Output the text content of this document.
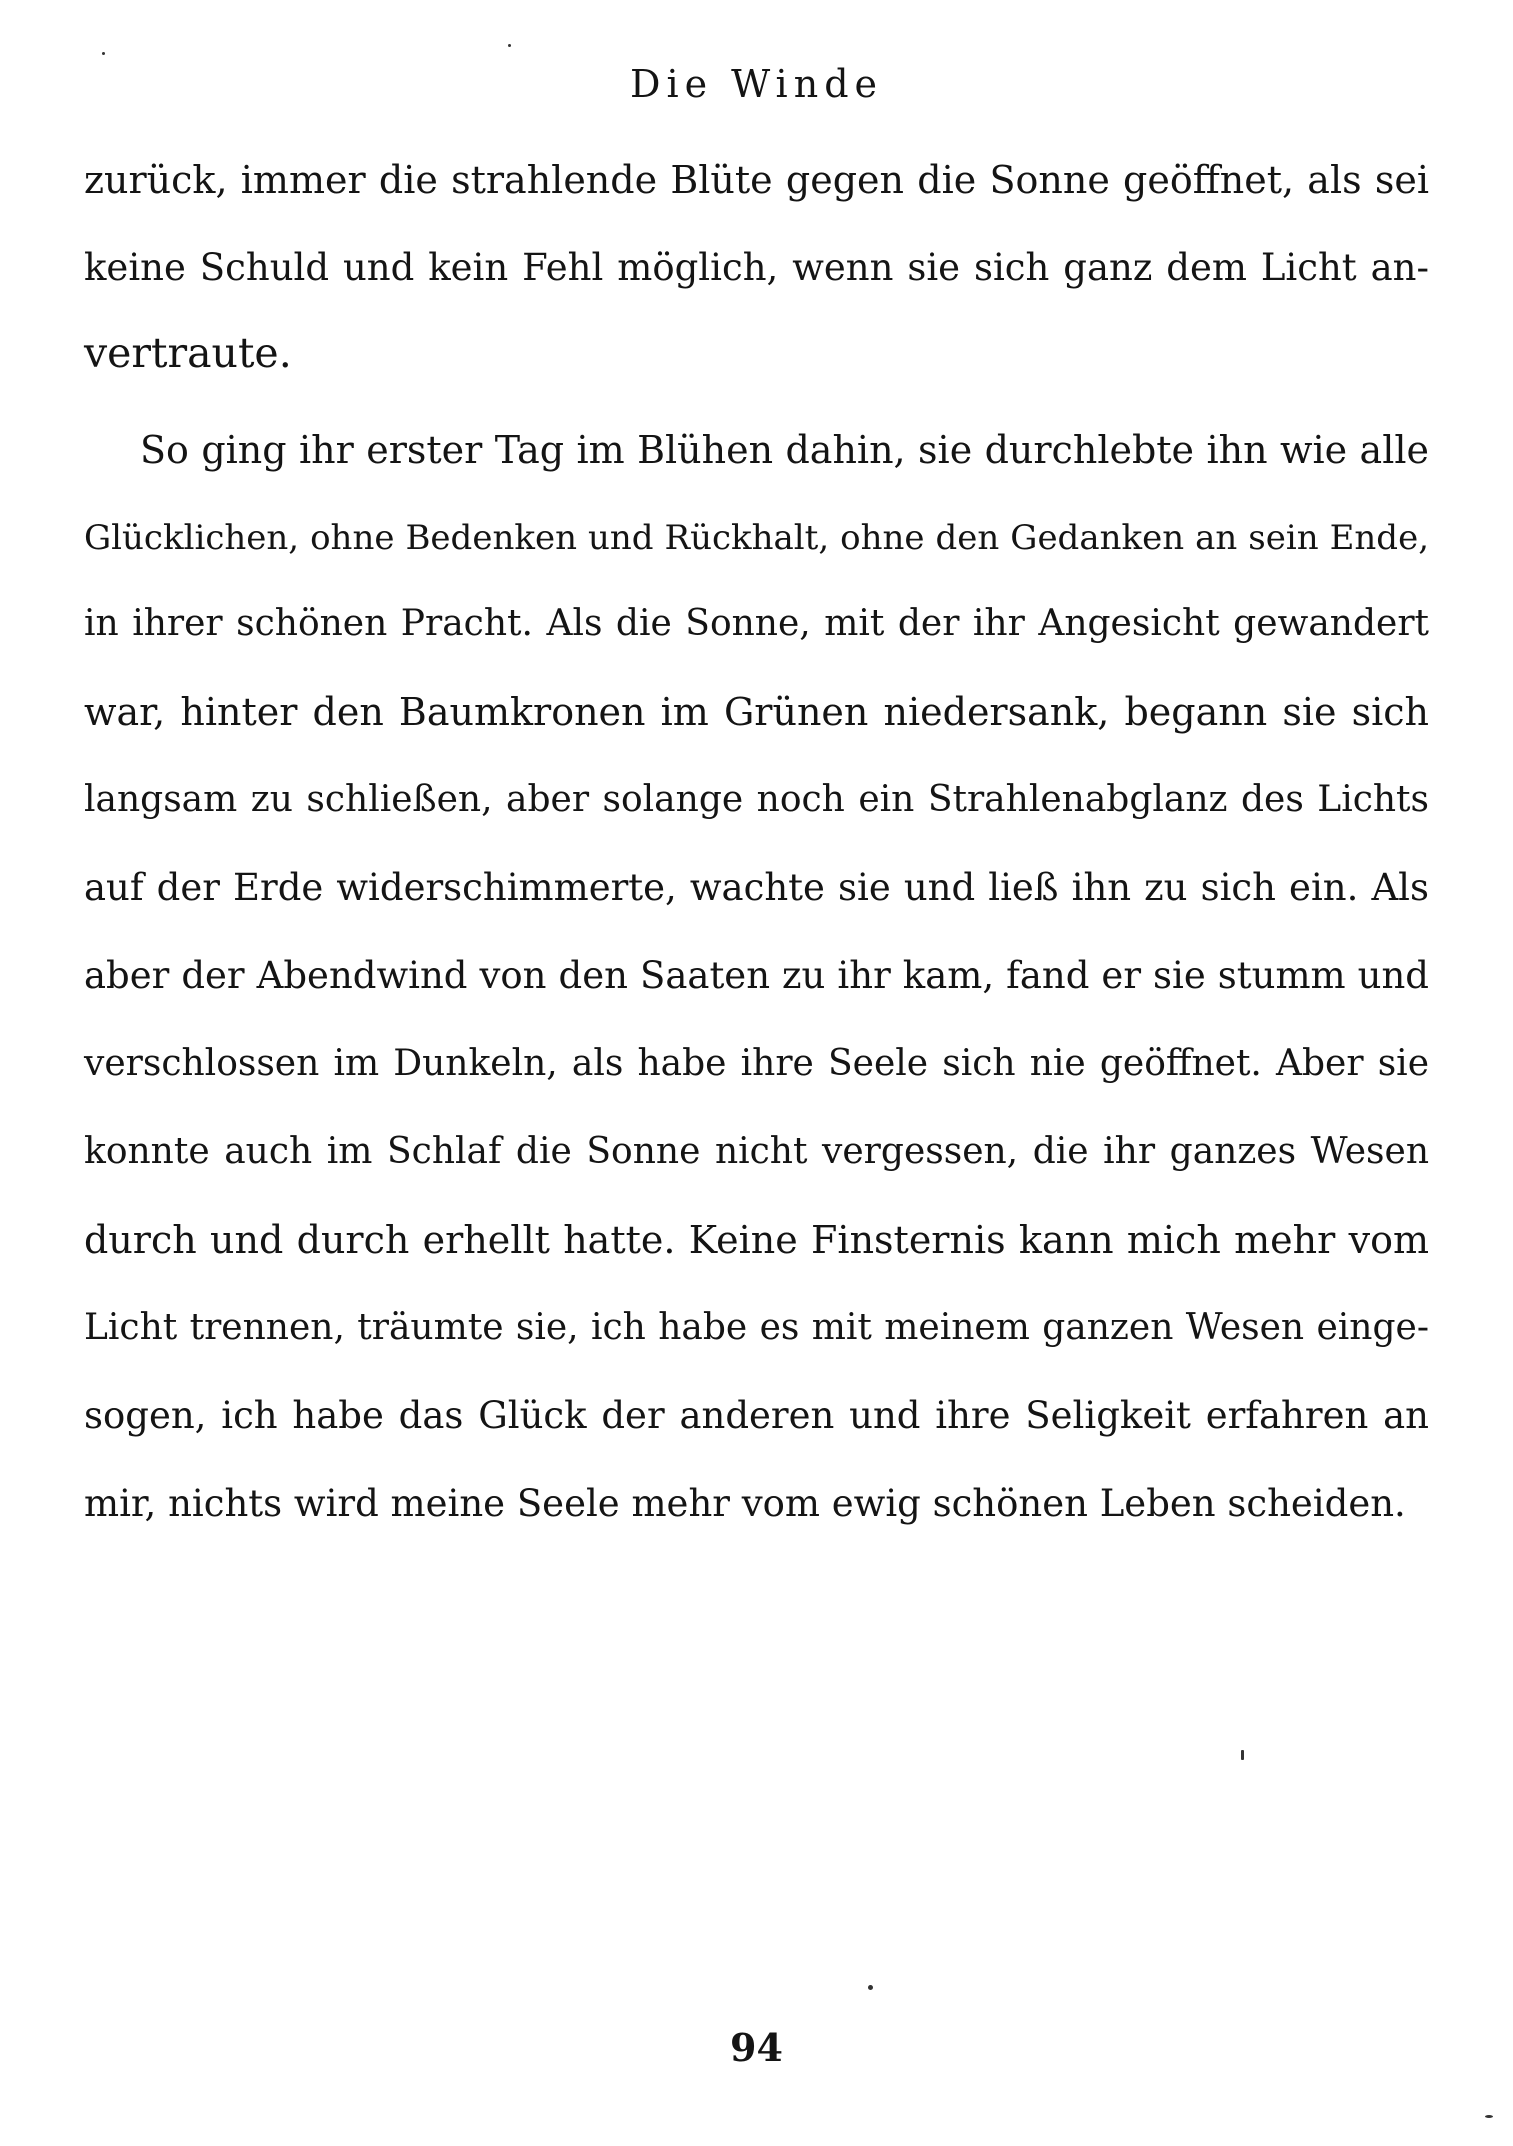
Die Winde
zurück, immer die strahlende Blüte gegen die Sonne geöffnet, als sei
keine Schuld und kein Fehl möglich, wenn sie sich ganz dem Licht an-
vertraute.
So ging ihr erster Tag im Blühen dahin, sie durchlebte ihn wie alle
Glücklichen, ohne Bedenken und Rückhalt, ohne den Gedanken an sein Ende,
in ihrer schönen Pracht. Als die Sonne, mit der ihr Angesicht gewandert
war, hinter den Baumkronen im Grünen niedersank, begann sie sich
langsam zu schließen, aber solange noch ein Strahlenabglanz des Lichts
auf der Erde widerschimmerte, wachte sie und ließ ihn zu sich ein. Als
aber der Abendwind von den Saaten zu ihr kam, fand er sie stumm und
verschlossen im Dunkeln, als habe ihre Seele sich nie geöffnet. Aber sie
konnte auch im Schlaf die Sonne nicht vergessen, die ihr ganzes Wesen
durch und durch erhellt hatte. Keine Finsternis kann mich mehr vom
Licht trennen, träumte sie, ich habe es mit meinem ganzen Wesen einge-
sogen, ich habe das Glück der anderen und ihre Seligkeit erfahren an
mir, nichts wird meine Seele mehr vom ewig schönen Leben scheiden.
94
